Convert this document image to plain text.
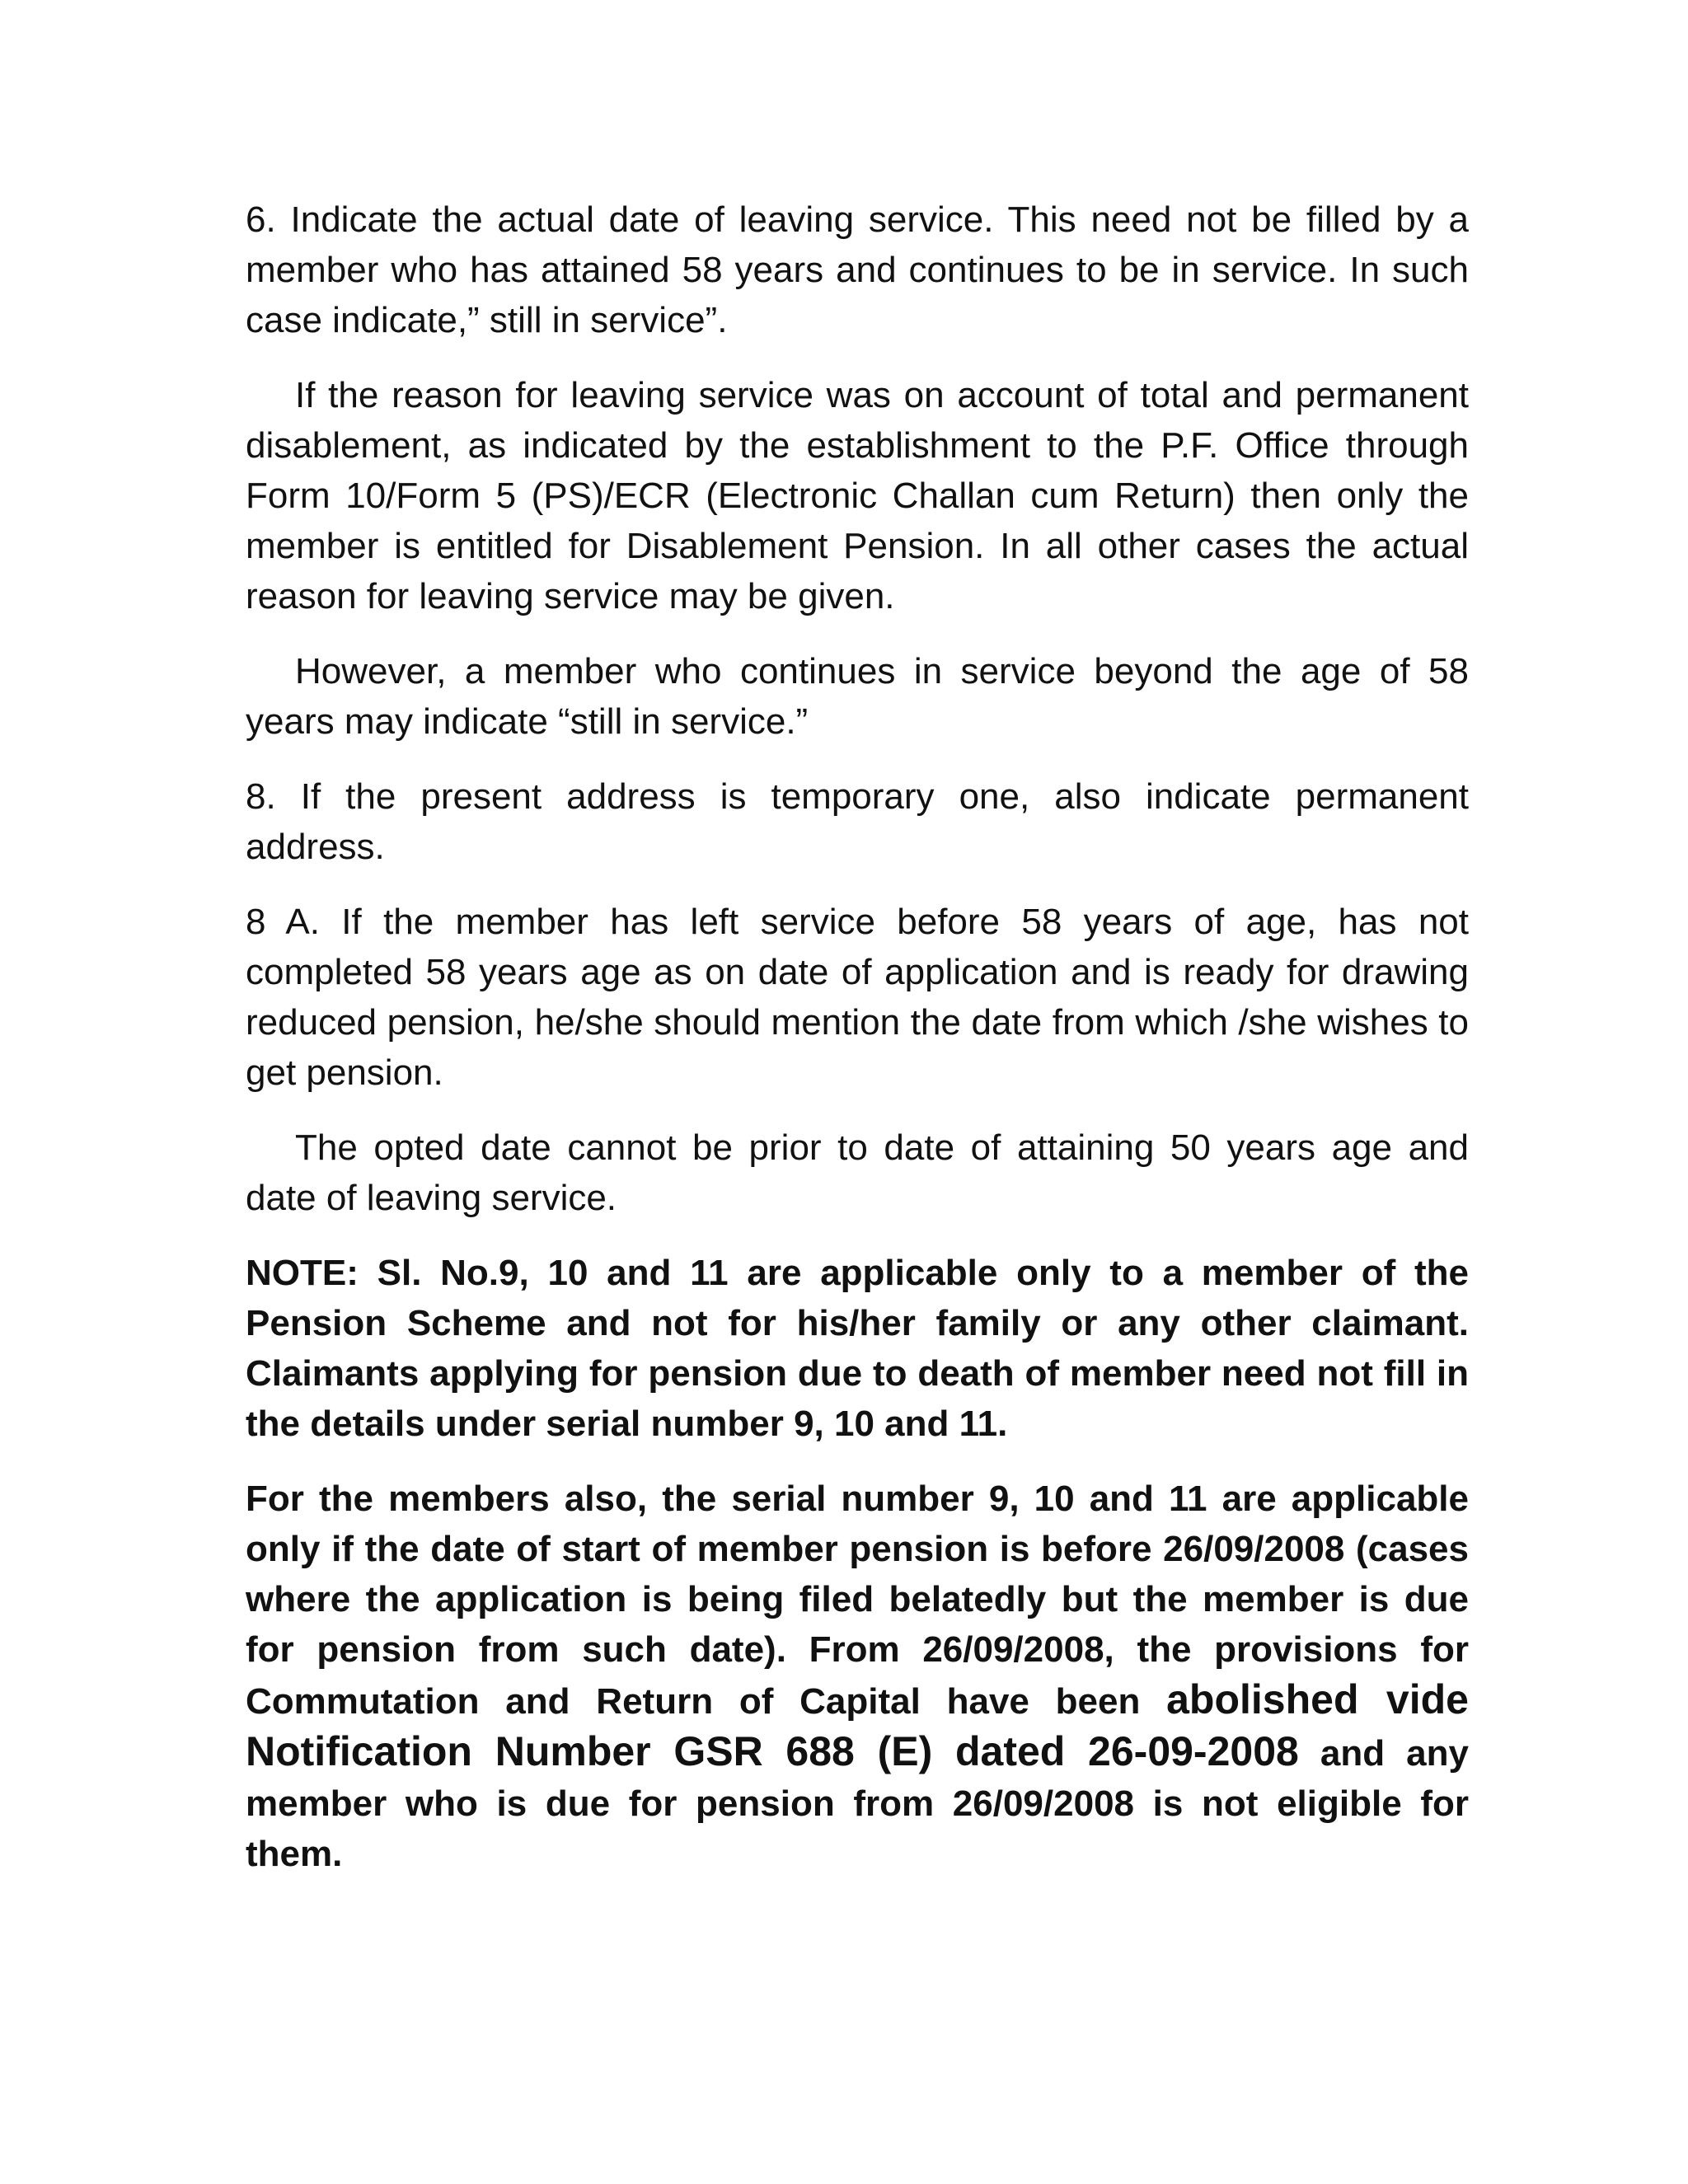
6. Indicate the actual date of leaving service. This need not be filled by a member who has attained 58 years and continues to be in service. In such case indicate,” still in service”.

If the reason for leaving service was on account of total and permanent disablement, as indicated by the establishment to the P.F. Office through Form 10/Form 5 (PS)/ECR (Electronic Challan cum Return) then only the member is entitled for Disablement Pension. In all other cases the actual reason for leaving service may be given.

However, a member who continues in service beyond the age of 58 years may indicate “still in service.”

8. If the present address is temporary one, also indicate permanent address.

8 A. If the member has left service before 58 years of age, has not completed 58 years age as on date of application and is ready for drawing reduced pension, he/she should mention the date from which /she wishes to get pension.

The opted date cannot be prior to date of attaining 50 years age and date of leaving service.

NOTE: Sl. No.9, 10 and 11 are applicable only to a member of the Pension Scheme and not for his/her family or any other claimant. Claimants applying for pension due to death of member need not fill in the details under serial number 9, 10 and 11.

For the members also, the serial number 9, 10 and 11 are applicable only if the date of start of member pension is before 26/09/2008 (cases where the application is being filed belatedly but the member is due for pension from such date). From 26/09/2008, the provisions for Commutation and Return of Capital have been abolished vide Notification Number GSR 688 (E) dated 26-09-2008 and any member who is due for pension from 26/09/2008 is not eligible for them.
